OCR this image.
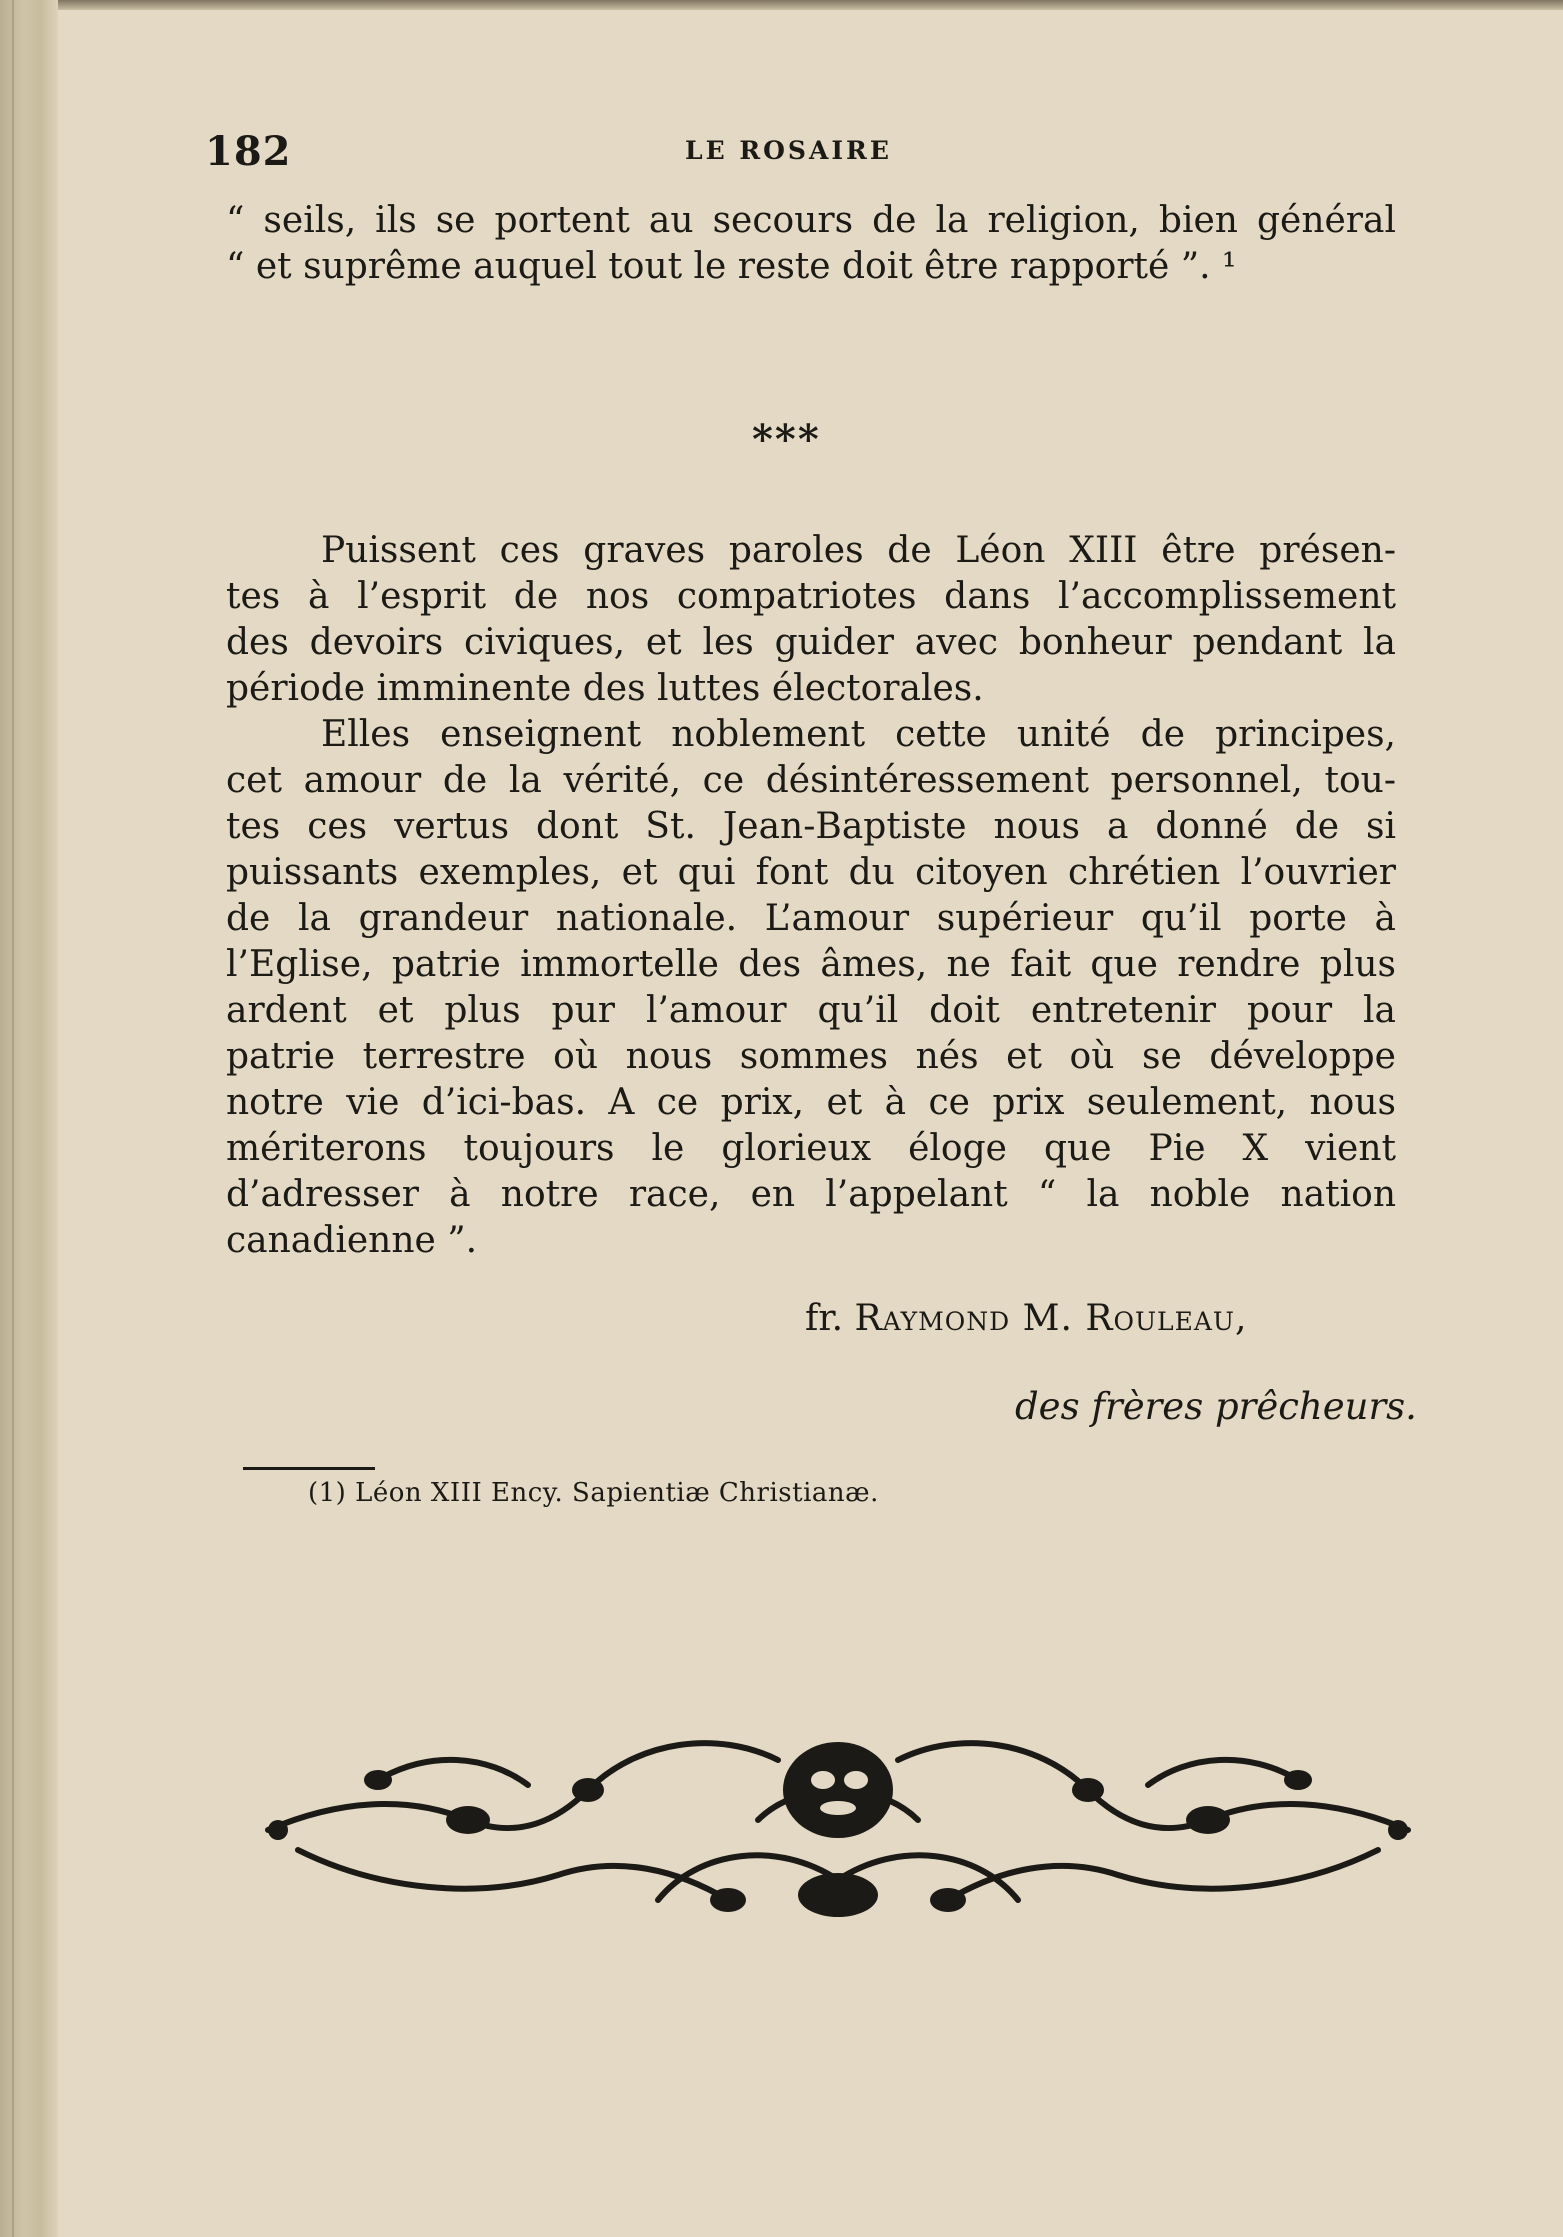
182	LE ROSAIRE
“ seils, ils se portent au secours de la religion, bien général
“ et suprême auquel tout le reste doit être rapporté ”. ¹
⁎⁎⁎
Puissent ces graves paroles de Léon XIII être présen-
tes à l’esprit de nos compatriotes dans l’accomplissement
des devoirs civiques, et les guider avec bonheur pendant la
période imminente des luttes électorales.
Elles enseignent noblement cette unité de principes,
cet amour de la vérité, ce désintéressement personnel, tou-
tes ces vertus dont St. Jean-Baptiste nous a donné de si
puissants exemples, et qui font du citoyen chrétien l’ouvrier
de la grandeur nationale. L’amour supérieur qu’il porte à
l’Eglise, patrie immortelle des âmes, ne fait que rendre plus
ardent et plus pur l’amour qu’il doit entretenir pour la
patrie terrestre où nous sommes nés et où se développe
notre vie d’ici-bas. A ce prix, et à ce prix seulement, nous
mériterons toujours le glorieux éloge que Pie X vient
d’adresser à notre race, en l’appelant “ la noble nation
canadienne ”.
fr. Raymond M. Rouleau,
des frères prêcheurs.
(1) Léon XIII Ency. Sapientiæ Christianæ.
